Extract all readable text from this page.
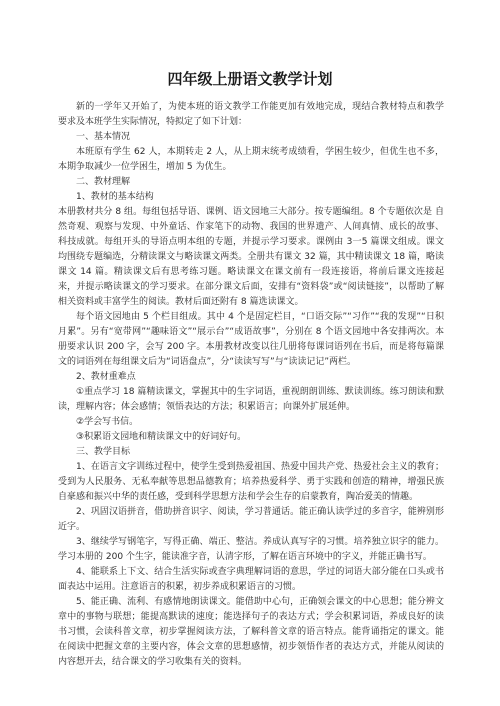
四年级上册语文教学计划

新的一学年又开始了，为使本班的语文教学工作能更加有效地完成，现结合教材特点和教学要求及本班学生实际情况，特拟定了如下计划：

一、基本情况

本班原有学生 62 人，本期转走 2 人，从上期末统考成绩看，学困生较少，但优生也不多，本期争取减少一位学困生，增加 5 为优生。

二、教材理解

1、教材的基本结构

本册教材共分 8 组。每组包括导语、课例、语文园地三大部分。按专题编组。8 个专题依次是 自然奇观、观察与发现、中外童话、作家笔下的动物、我国的世界遗产、人间真情、成长的故事、科技成就。每组开头的导语点明本组的专题，并提示学习要求。课例由 3一5 篇课文组成。课文均围绕专题编选，分精读课文与略读课文两类。全册共有课文 32 篇，其中精读课文 18 篇，略读课文 14 篇。精读课文后有思考练习题。略读课文在课文前有一段连接语，将前后课文连接起来，并提示略读课文的学习要求。在部分课文后面，安排有“资料袋”或“阅读链接”，以帮助了解相关资料或丰富学生的阅读。教材后面还附有 8 篇选读课文。

每个语文园地由 5 个栏目组成。其中 4 个是固定栏目，“口语交际”“习作”“我的发现”“日积月累”。另有“宽带网”“趣味语文”“展示台”“成语故事”，分别在 8 个语文园地中各安排两次。本册要求认识 200 字，会写 200 字。本册教材改变以往几册将每课词语列在书后，而是将每篇课文的词语列在每组课文后为“词语盘点”，分“读读写写”与“读读记记”两栏。

2、教材重难点

①重点学习 18 篇精读课文，掌握其中的生字词语，重视朗朗训练、默读训练。练习朗读和默读，理解内容；体会感情；领悟表达的方法；积累语言；向课外扩展延伸。

②学会写书信。

③积累语文园地和精读课文中的好词好句。

三、教学目标

1、在语言文字训练过程中，使学生受到热爱祖国、热爱中国共产党、热爱社会主义的教育；受到为人民服务、无私奉献等思想品德教育；培养热爱科学、勇于实践和创造的精神，增强民族自豪感和振兴中华的责任感，受到科学思想方法和学会生存的启蒙教育，陶冶爱美的情趣。

2、巩固汉语拼音，借助拼音识字、阅读，学习普通话。能正确认读学过的多音字，能辨别形近字。

3、继续学写钢笔字，写得正确、端正、整洁。养成认真写字的习惯。培养独立识字的能力。学习本册的 200 个生字，能读准字音，认清字形，了解在语言环境中的字义，并能正确书写。

4、能联系上下文、结合生活实际或查字典理解词语的意思，学过的词语大部分能在口头或书面表达中运用。注意语言的积累，初步养成积累语言的习惯。

5、能正确、流利、有感情地朗读课文。能借助中心句，正确领会课文的中心思想；能分辨文章中的事物与联想；能提高默读的速度；能选择句子的表达方式；学会积累词语，养成良好的读书习惯，会读科普文章，初步掌握阅读方法，了解科普文章的语言特点。能背诵指定的课文。能在阅读中把握文章的主要内容，体会文章的思想感情，初步领悟作者的表达方式，并能从阅读的内容想开去，结合课文的学习收集有关的资料。
